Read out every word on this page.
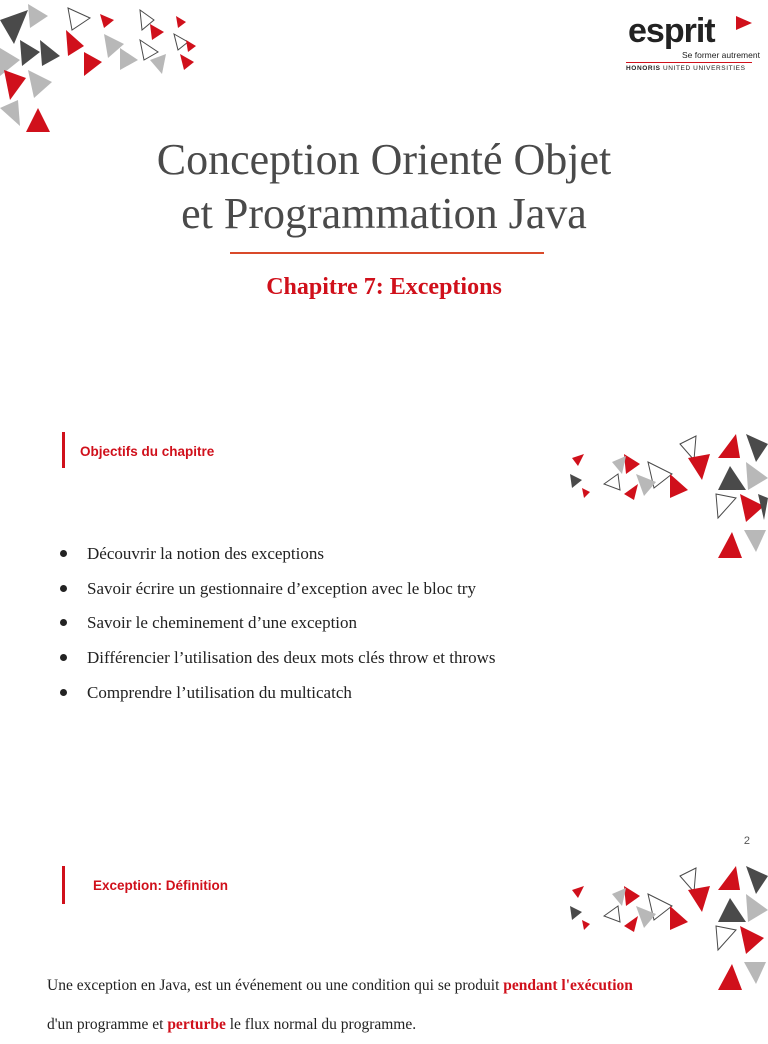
esprit
Se former autrement
HONORIS UNITED UNIVERSITIES
Conception Orienté Objet
et Programmation Java
Chapitre 7: Exceptions
Objectifs du chapitre
Découvrir la notion des exceptions
Savoir écrire un gestionnaire d’exception avec le bloc try
Savoir le cheminement d’une exception
Différencier l’utilisation des deux mots clés throw et throws
Comprendre l’utilisation du multicatch
2
Exception: Définition

Une exception en Java, est un événement ou une condition qui se produit pendant l'exécution d'un programme et perturbe le flux normal du programme.
